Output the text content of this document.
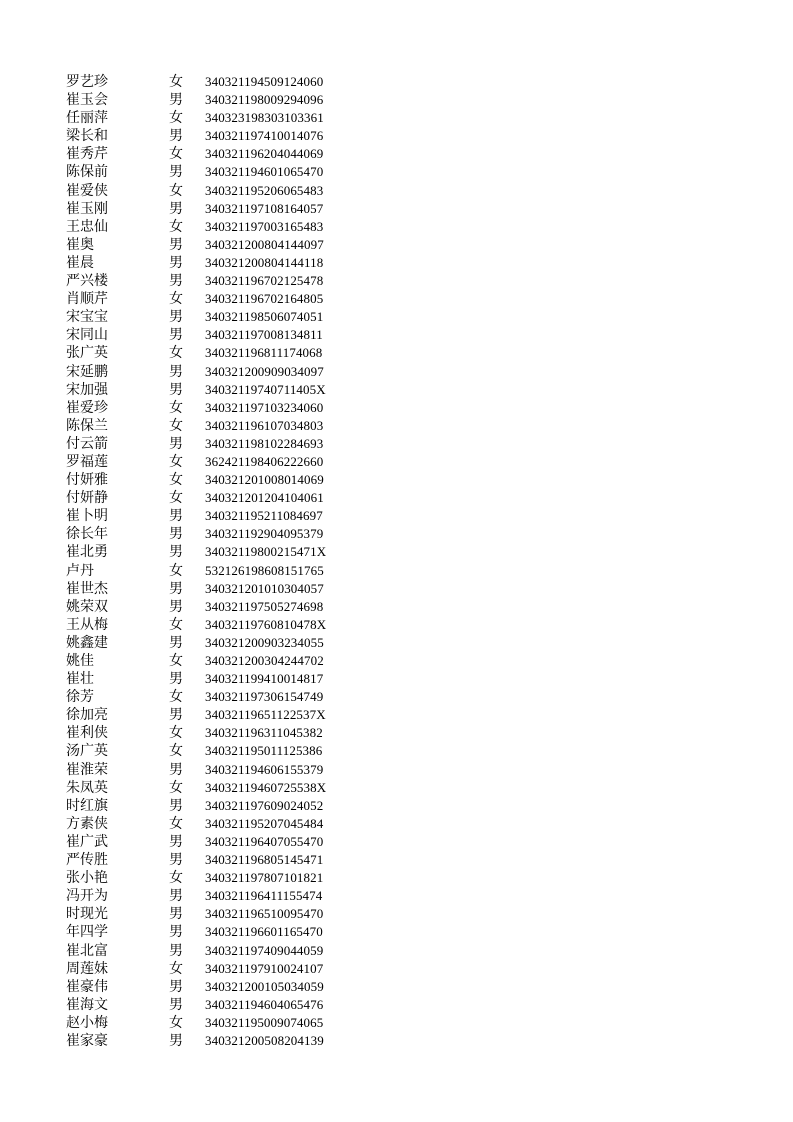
罗艺珍	女	340321194509124060
崔玉会	男	340321198009294096
任丽萍	女	340323198303103361
梁长和	男	340321197410014076
崔秀芹	女	340321196204044069
陈保前	男	340321194601065470
崔爱侠	女	340321195206065483
崔玉刚	男	340321197108164057
王忠仙	女	340321197003165483
崔奥	男	340321200804144097
崔晨	男	340321200804144118
严兴楼	男	340321196702125478
肖顺芹	女	340321196702164805
宋宝宝	男	340321198506074051
宋同山	男	340321197008134811
张广英	女	340321196811174068
宋延鹏	男	340321200909034097
宋加强	男	34032119740711405X
崔爱珍	女	340321197103234060
陈保兰	女	340321196107034803
付云箭	男	340321198102284693
罗福莲	女	362421198406222660
付妍雅	女	340321201008014069
付妍静	女	340321201204104061
崔卜明	男	340321195211084697
徐长年	男	340321192904095379
崔北勇	男	34032119800215471X
卢丹	女	532126198608151765
崔世杰	男	340321201010304057
姚荣双	男	340321197505274698
王从梅	女	34032119760810478X
姚鑫建	男	340321200903234055
姚佳	女	340321200304244702
崔壮	男	340321199410014817
徐芳	女	340321197306154749
徐加亮	男	34032119651122537X
崔利侠	女	340321196311045382
汤广英	女	340321195011125386
崔淮荣	男	340321194606155379
朱凤英	女	34032119460725538X
时红旗	男	340321197609024052
方素侠	女	340321195207045484
崔广武	男	340321196407055470
严传胜	男	340321196805145471
张小艳	女	340321197807101821
冯开为	男	340321196411155474
时现光	男	340321196510095470
年四学	男	340321196601165470
崔北富	男	340321197409044059
周莲妹	女	340321197910024107
崔豪伟	男	340321200105034059
崔海文	男	340321194604065476
赵小梅	女	340321195009074065
崔家豪	男	340321200508204139
